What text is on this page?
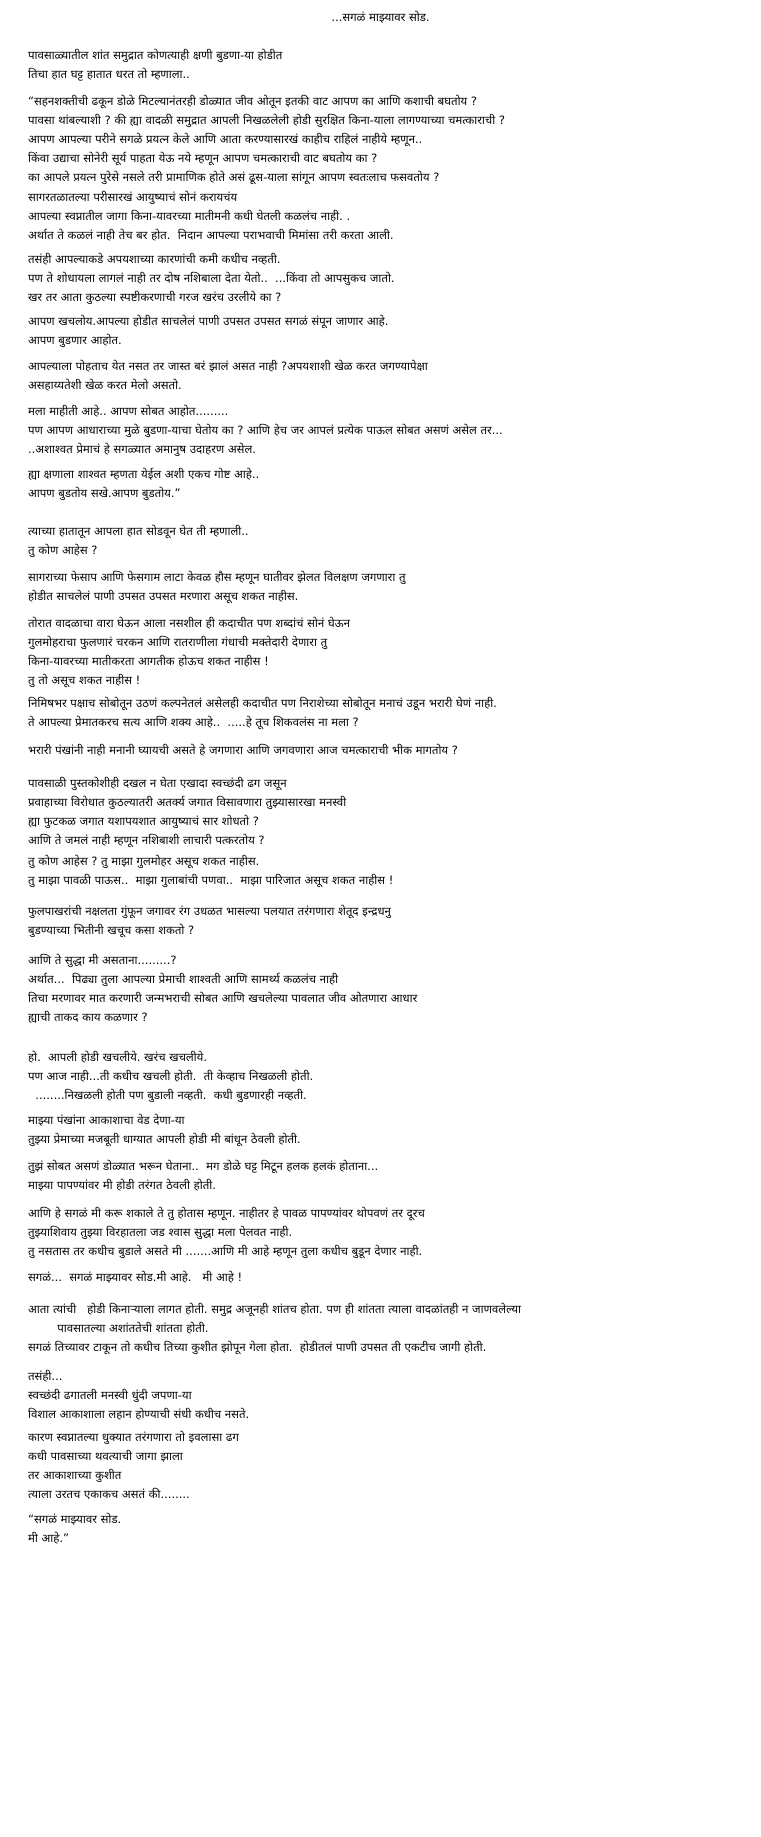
...सगळं माझ्यावर सोड.
पावसाळ्यातील शांत समुद्रात कोणत्याही क्षणी बुडणा-या होडीत
तिचा हात घट्ट हातात धरत तो म्हणाला..
“सहनशक्तीची ढकून डोळे मिटल्यानंतरही डोळ्यात जीव ओतून इतकी वाट आपण का आणि कशाची बघतोय ?
पावसा थांबल्याशी ? की ह्या वादळी समुद्रात आपली निखळलेली होडी सुरक्षित किना-याला लागण्याच्या चमत्काराची ?
आपण आपल्या परीने सगळे प्रयत्न केले आणि आता करण्यासारखं काहीच राहिलं नाहीये म्हणून..
किंवा उद्याचा सोनेरी सूर्य पाहता येऊ नये म्हणून आपण चमत्काराची वाट बघतोय का ?
का आपले प्रयत्न पुरेसे नसले तरी प्रामाणिक होते असं ढूस-याला सांगून आपण स्वतःलाच फसवतोय ?
सागरतळातल्या परीसारखं आयुष्याचं सोनं करायचंय
आपल्या स्वप्नातील जागा किना-यावरच्या मातीमनी कधी घेतली कळलंच नाही. .
अर्थात ते कळलं नाही तेच बर होत.  निदान आपल्या पराभवाची मिमांसा तरी करता आली.
तसंही आपल्याकडे अपयशाच्या कारणांची कमी कधीच नव्हती.
पण ते शोधायला लागलं नाही तर दोष नशिबाला देता येतो..  ...किंवा तो आपसुकच जातो.
खर तर आता कुठल्या स्पष्टीकरणाची गरज खरंच उरलीये का ?
आपण खचलोय.आपल्या होडीत साचलेलं पाणी उपसत उपसत सगळं संपून जाणार आहे.
आपण बुडणार आहोत.
आपल्याला पोहताच येत नसत तर जास्त बरं झालं असत नाही ?अपयशाशी खेळ करत जगण्यापेक्षा
असहाय्यतेशी खेळ करत मेलो असतो.
मला माहीती आहे.. आपण सोबत आहोत.........
पण आपण आधाराच्या मुळे बुडणा-याचा घेतोय का ? आणि हेच जर आपलं प्रत्येक पाऊल सोबत असणं असेल तर...
..अशाश्वत प्रेमाचं हे सगळ्यात अमानुष उदाहरण असेल.
ह्या क्षणाला शाश्वत म्हणता येईल अशी एकच गोष्ट आहे..
आपण बुडतोय सखे.आपण बुडतोय.”
त्याच्या हातातून आपला हात सोडवून घेत ती म्हणाली..
तु कोण आहेस ?
सागराच्या फेसाप आणि फेसगाम लाटा केवळ हौस म्हणून घातीवर झेलत विलक्षण जगणारा तु
होडीत साचलेलं पाणी उपसत उपसत मरणारा असूच शकत नाहीस.
तोरात वादळाचा वारा घेऊन आला नसशील ही कदाचीत पण शब्दांचं सोनं घेऊन
गुलमोहराचा फुलणारं चरकन आणि रातराणीला गंधाची मक्तेदारी देणारा तु
किना-यावरच्या मातीकरता आगतीक होऊच शकत नाहीस !
तु तो असूच शकत नाहीस !
निमिषभर पक्षाच सोबोतून उठणं कल्पनेतलं असेलही कदाचीत पण निराशेच्या सोबोतून मनाचं उडून भरारी घेणं नाही.
ते आपल्या प्रेमातकरच सत्य आणि शक्य आहे..  .....हे तूच शिकवलंस ना मला ?
भरारी पंखांनी नाही मनानी घ्यायची असते हे जगणारा आणि जगवणारा आज चमत्काराची भीक मागतोय ?
पावसाळी पुस्तकोशीही दखल न घेता एखादा स्वच्छंदी ढग जसून
प्रवाहाच्या विरोधात कुठल्यातरी अतर्क्य जगात विसावणारा तुझ्यासारखा मनस्वी
ह्या फुटकळ जगात यशापयशात आयुष्याचं सार शोधतो ?
आणि ते जमलं नाही म्हणून नशिबाशी लाचारी पत्करतोय ?
तु कोण आहेस ? तु माझा गुलमोहर असूच शकत नाहीस.
तु माझा पावळी पाऊस..  माझा गुलाबांची पणवा..  माझा पारिजात असूच शकत नाहीस !
फुलपाखरांची नक्षलता गुंफून जगावर रंग उधळत भासल्या पलयात तरंगणारा शेतूद इन्द्रधनु
बुडण्याच्या भितीनी खचूच कसा शकतो ?
आणि ते सुद्धा मी असताना.........?
अर्थात...  पिढ्या तुला आपल्या प्रेमाची शाश्वती आणि सामर्थ्य कळलंच नाही
तिचा मरणावर मात करणारी जन्मभराची सोबत आणि खचलेल्या पावलात जीव ओतणारा आधार
ह्याची ताकद काय कळणार ?
हो.  आपली होडी खचलीये. खरंच खचलीये.
पण आज नाही...ती कधीच खचली होती.  ती केव्हाच निखळली होती.
........निखळली होती पण बुडाली नव्हती.  कधी बुडणारही नव्हती.
माझ्या पंखांना आकाशाचा वेड देणा-या
तुझ्या प्रेमाच्या मजबूती धाग्यात आपली होडी मी बांधून ठेवली होती.
तुझं सोबत असणं डोळ्यात भरून घेताना..  मग डोळे घट्ट मिटून हलक हलकं होताना...
माझ्या पापण्यांवर मी होडी तरंगत ठेवली होती.
आणि हे सगळं मी करू शकाले ते तु होतास म्हणून. नाहीतर हे पावळ पापण्यांवर थोपवणं तर दूरच
तुझ्याशिवाय तुझ्या विरहातला जड श्वास सुद्धा मला पेलवत नाही.
तु नसतास तर कधीच बुडाले असते मी .......आणि मी आहे म्हणून तुला कधीच बुडून देणार नाही.
सगळं...  सगळं माझ्यावर सोड.मी आहे.   मी आहे !
आता त्यांची   होडी किनाऱ्याला लागत होती. समुद्र अजूनही शांतच होता. पण ही शांतता त्याला वादळांतही न जाणवलेल्या
पावसातल्या अशांततेची शांतता होती.
सगळं तिच्यावर टाकून तो कधीच तिच्या कुशीत झोपून गेला होता.  होडीतलं पाणी उपसत ती एकटीच जागी होती.
तसंही...
स्वच्छंदी ढगातली मनस्वी धुंदी जपणा-या
विशाल आकाशाला लहान होण्याची संधी कधीच नसते.
कारण स्वप्नातल्या धुक्यात तरंगणारा तो इवलासा ढग
कधी पावसाच्या थवत्याची जागा झाला
तर आकाशाच्या कुशीत
त्याला उरतच एकाकच असतं की........
“सगळं माझ्यावर सोड.
मी आहे.”
